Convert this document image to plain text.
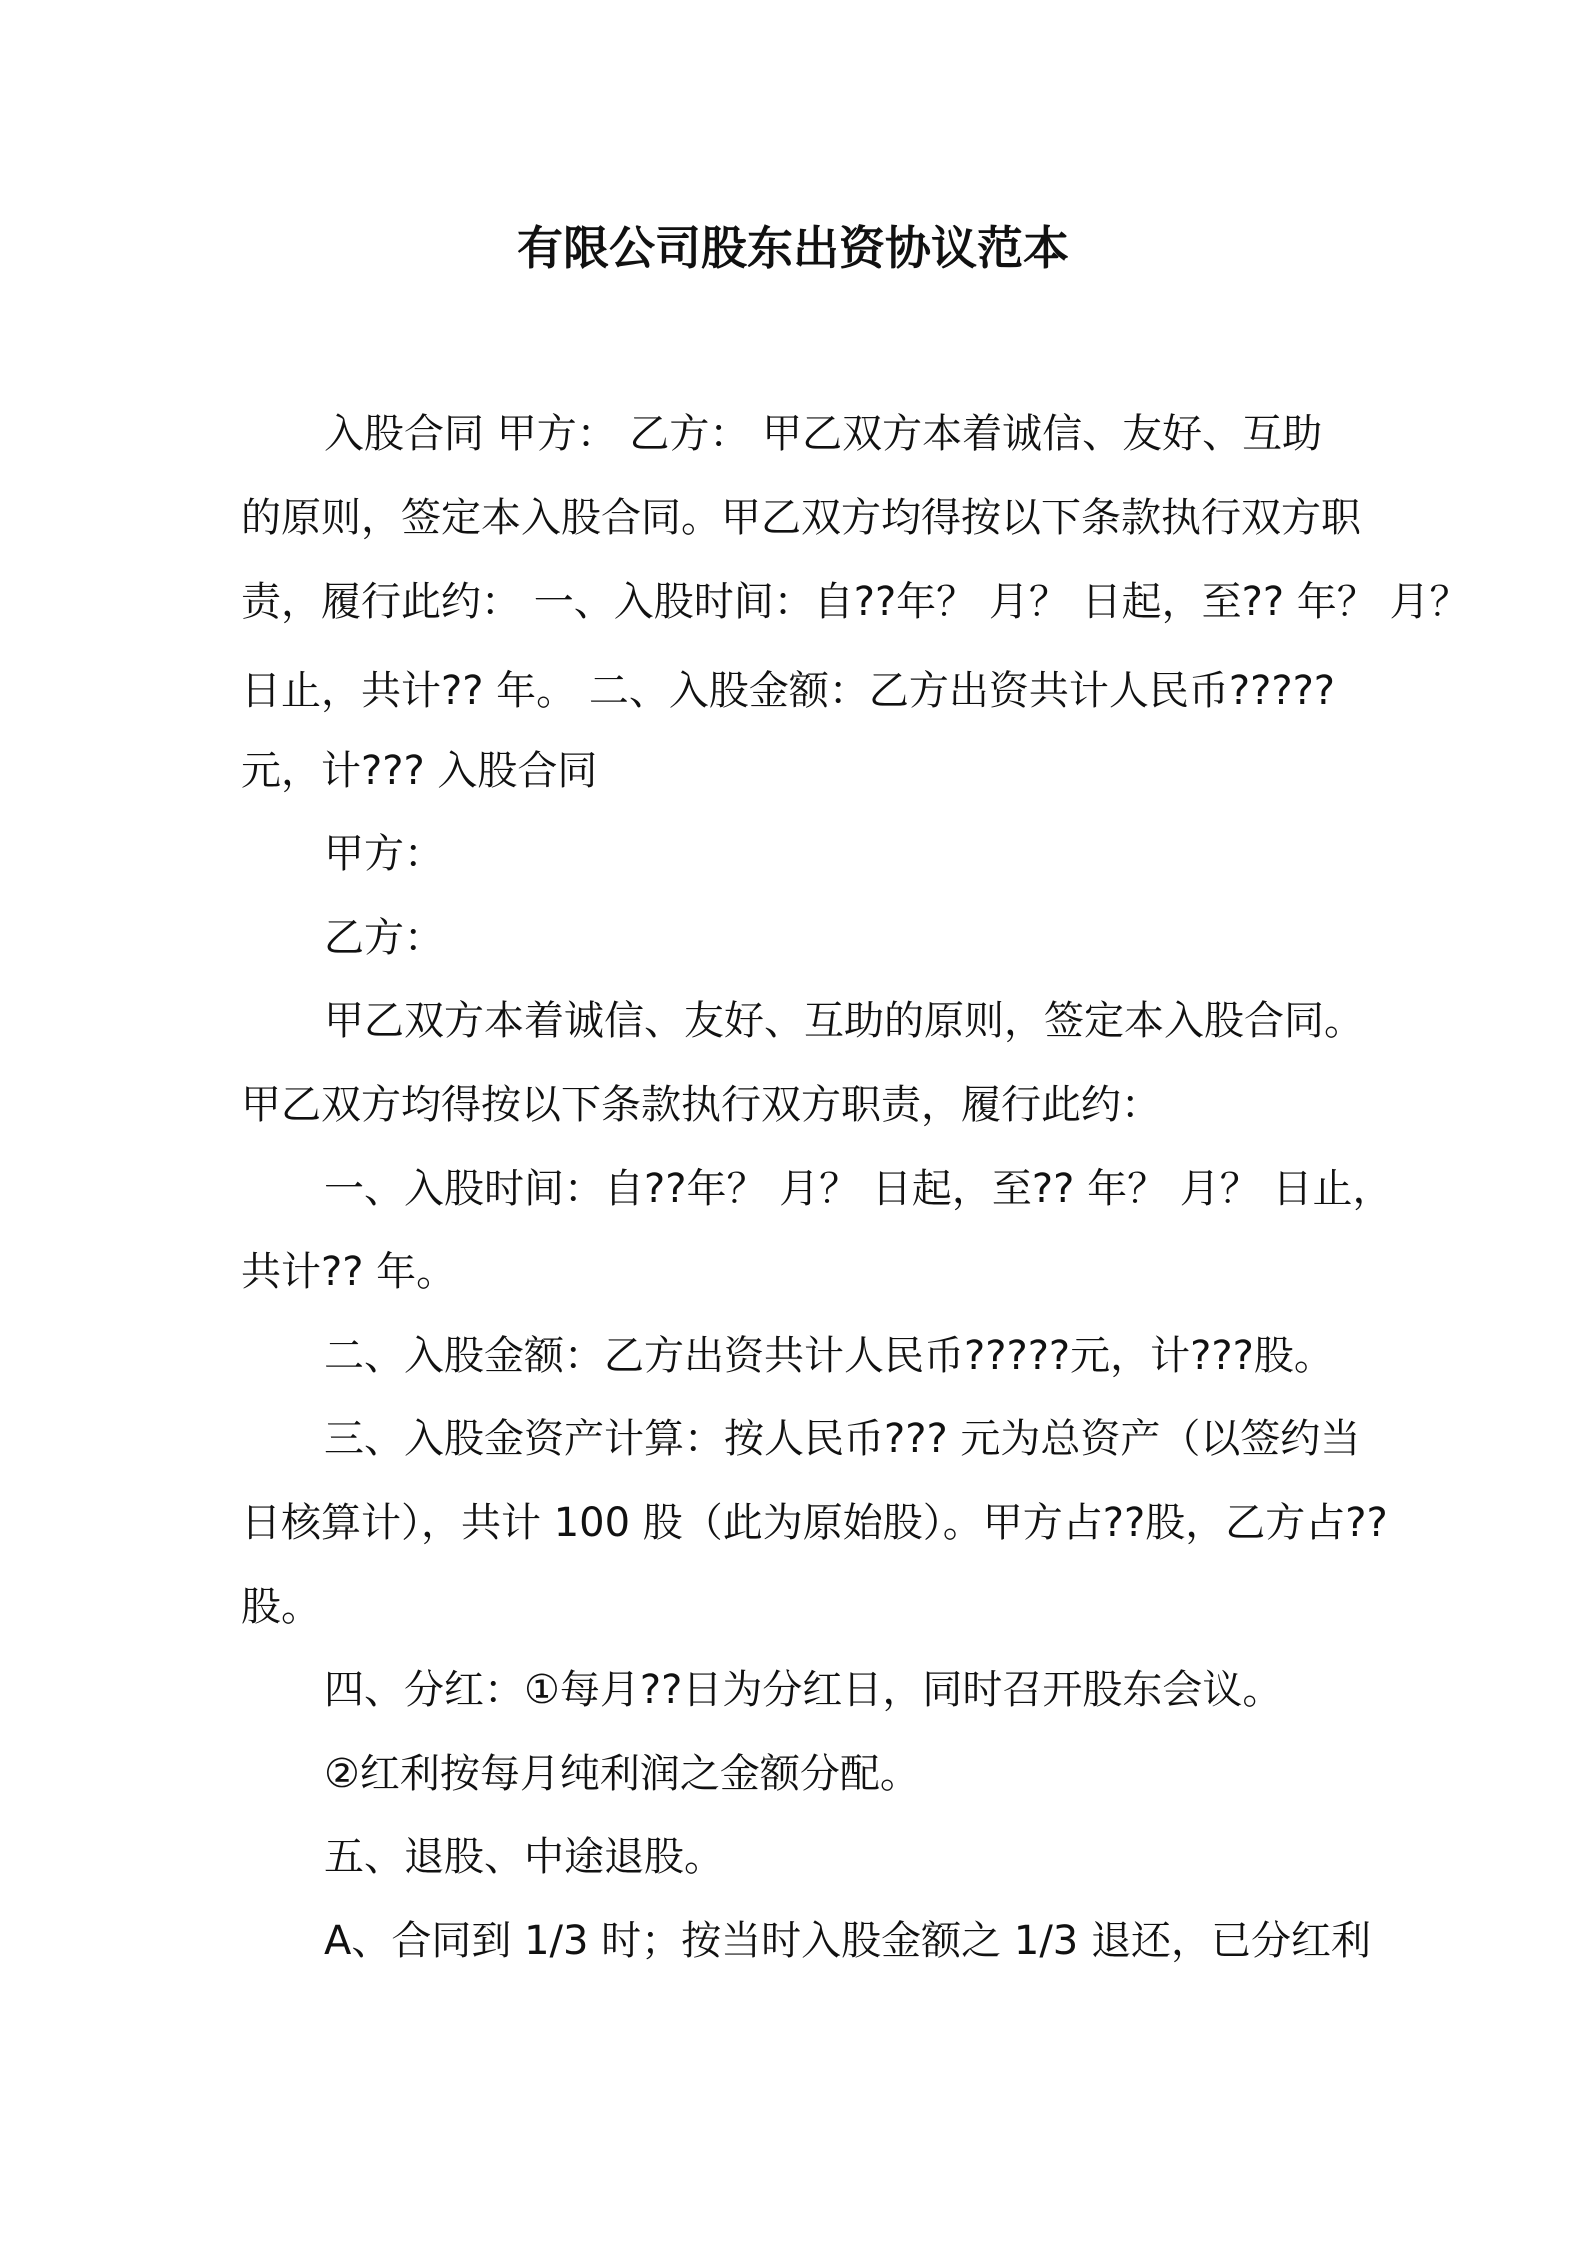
有限公司股东出资协议范本
入股合同 甲方： 乙方： 甲乙双方本着诚信、友好、互助
的原则，签定本入股合同。甲乙双方均得按以下条款执行双方职
责，履行此约： 一、入股时间：自??年？ 月？ 日起，至?? 年？ 月？
日止，共计?? 年。 二、入股金额：乙方出资共计人民币?????
元，计??? 入股合同
甲方：
乙方：
甲乙双方本着诚信、友好、互助的原则，签定本入股合同。
甲乙双方均得按以下条款执行双方职责，履行此约：
一、入股时间：自??年？ 月？ 日起，至?? 年？ 月？ 日止，
共计?? 年。
二、入股金额：乙方出资共计人民币?????元，计???股。
三、入股金资产计算：按人民币??? 元为总资产（以签约当
日核算计），共计 100 股（此为原始股）。甲方占??股，乙方占??
股。
四、分红：①每月??日为分红日，同时召开股东会议。
②红利按每月纯利润之金额分配。
五、退股、中途退股。
A、合同到 1/3 时；按当时入股金额之 1/3 退还，已分红利
